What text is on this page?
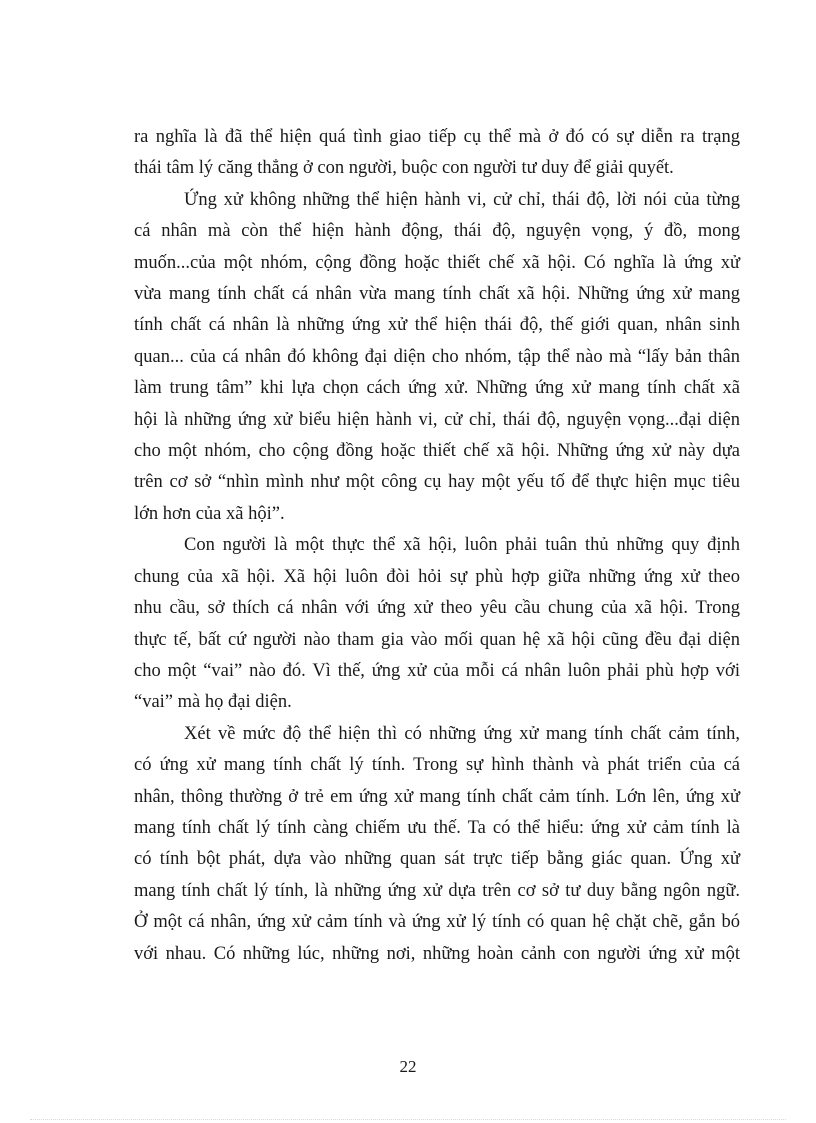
ra nghĩa là đã thể hiện quá tình giao tiếp cụ thể mà ở đó có sự diễn ra trạng
thái tâm lý căng thẳng ở con người, buộc con người tư duy để giải quyết.

Ứng xử không những thể hiện hành vi, cử chỉ, thái độ, lời nói của từng
cá nhân mà còn thể hiện hành động, thái độ, nguyện vọng, ý đồ, mong
muốn...của một nhóm, cộng đồng hoặc thiết chế xã hội. Có nghĩa là ứng xử
vừa mang tính chất cá nhân vừa mang tính chất xã hội. Những ứng xử mang
tính chất cá nhân là những ứng xử thể hiện thái độ, thế giới quan, nhân sinh
quan... của cá nhân đó không đại diện cho nhóm, tập thể nào mà “lấy bản thân
làm trung tâm” khi lựa chọn cách ứng xử. Những ứng xử mang tính chất xã
hội là những ứng xử biểu hiện hành vi, cử chỉ, thái độ, nguyện vọng...đại diện
cho một nhóm, cho cộng đồng hoặc thiết chế xã hội. Những ứng xử này dựa
trên cơ sở “nhìn mình như một công cụ hay một yếu tố để thực hiện mục tiêu
lớn hơn của xã hội”.

Con người là một thực thể xã hội, luôn phải tuân thủ những quy định
chung của xã hội. Xã hội luôn đòi hỏi sự phù hợp giữa những ứng xử theo
nhu cầu, sở thích cá nhân với ứng xử theo yêu cầu chung của xã hội. Trong
thực tế, bất cứ người nào tham gia vào mối quan hệ xã hội cũng đều đại diện
cho một “vai” nào đó. Vì thế, ứng xử của mỗi cá nhân luôn phải phù hợp với
“vai” mà họ đại diện.

Xét về mức độ thể hiện thì có những ứng xử mang tính chất cảm tính,
có ứng xử mang tính chất lý tính. Trong sự hình thành và phát triển của cá
nhân, thông thường ở trẻ em ứng xử mang tính chất cảm tính. Lớn lên, ứng xử
mang tính chất lý tính càng chiếm ưu thế. Ta có thể hiểu: ứng xử cảm tính là
có tính bột phát, dựa vào những quan sát trực tiếp bằng giác quan. Ứng xử
mang tính chất lý tính, là những ứng xử dựa trên cơ sở tư duy bằng ngôn ngữ.
Ở một cá nhân, ứng xử cảm tính và ứng xử lý tính có quan hệ chặt chẽ, gắn bó
với nhau. Có những lúc, những nơi, những hoàn cảnh con người ứng xử một

22
